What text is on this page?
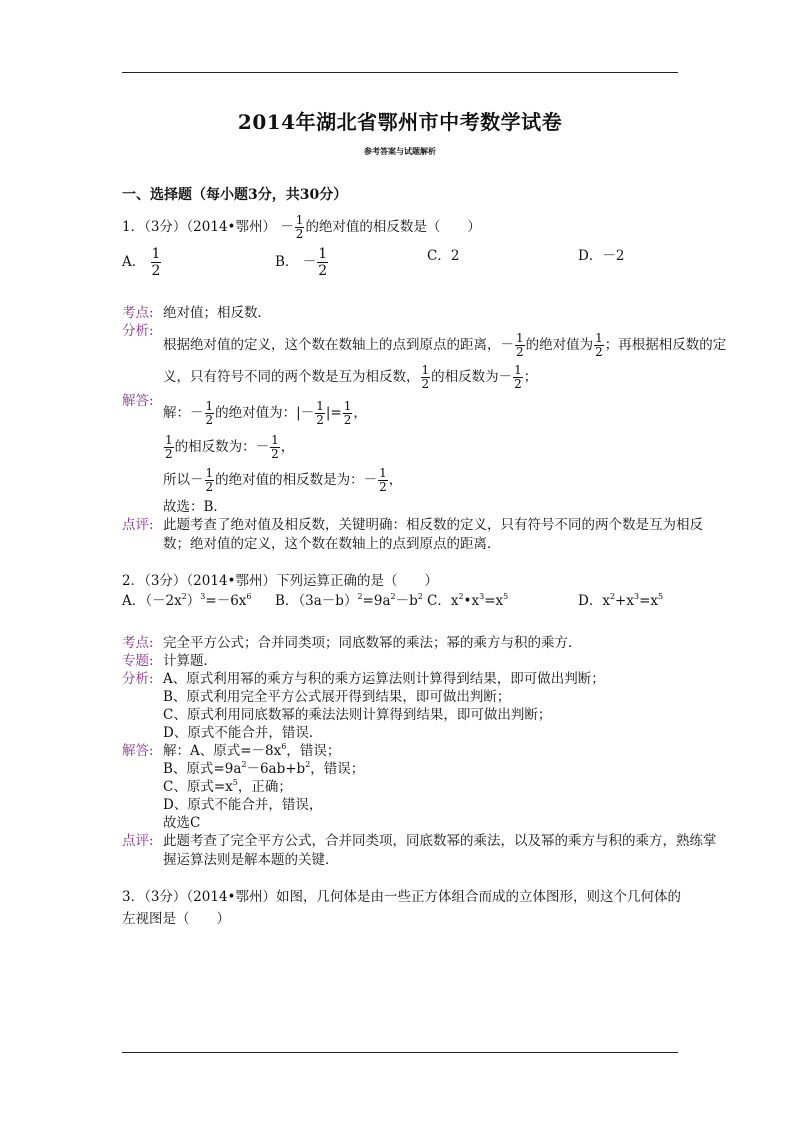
2014年湖北省鄂州市中考数学试卷
参考答案与试题解析
一、选择题（每小题3分，共30分）
1．（3分）（2014•鄂州） － $\frac{1}{2}$ 的绝对值的相反数是（　　）
A． $\frac{1}{2}$	B． － $\frac{1}{2}$	C．2	D．－2
考点: 绝对值；相反数．
分析:
根据绝对值的定义，这个数在数轴上的点到原点的距离，－ $\frac{1}{2}$ 的绝对值为 $\frac{1}{2}$ ；再根据相反数的定
义，只有符号不同的两个数是互为相反数， $\frac{1}{2}$ 的相反数为－ $\frac{1}{2}$ ；
解答:
解：－ $\frac{1}{2}$ 的绝对值为：|－ $\frac{1}{2}$ |= $\frac{1}{2}$ ，
$\frac{1}{2}$ 的相反数为：－ $\frac{1}{2}$ ，
所以－ $\frac{1}{2}$ 的绝对值的相反数是为：－ $\frac{1}{2}$ ，
故选：B．
点评: 此题考查了绝对值及相反数，关键明确：相反数的定义，只有符号不同的两个数是互为相反数；绝对值的定义，这个数在数轴上的点到原点的距离．
2．（3分）（2014•鄂州）下列运算正确的是（　　）
A．$(-2x^2)^3=-6x^6$ B．$(3a-b)^2=9a^2-b^2$ C．$x^2•x^3=x^5$	D．$x^2+x^3=x^5$
考点: 完全平方公式；合并同类项；同底数幂的乘法；幂的乘方与积的乘方．
专题: 计算题．
分析: A、原式利用幂的乘方与积的乘方运算法则计算得到结果，即可做出判断；
B、原式利用完全平方公式展开得到结果，即可做出判断；
C、原式利用同底数幂的乘法法则计算得到结果，即可做出判断；
D、原式不能合并，错误．
解答: 解：A、原式$=-8x^6$，错误；
B、原式$=9a^2-6ab+b^2$，错误；
C、原式$=x^5$，正确；
D、原式不能合并，错误，
故选C
点评: 此题考查了完全平方公式，合并同类项，同底数幂的乘法，以及幂的乘方与积的乘方，熟练掌握运算法则是解本题的关键．
3．（3分）（2014•鄂州）如图，几何体是由一些正方体组合而成的立体图形，则这个几何体的
左视图是（　　）
